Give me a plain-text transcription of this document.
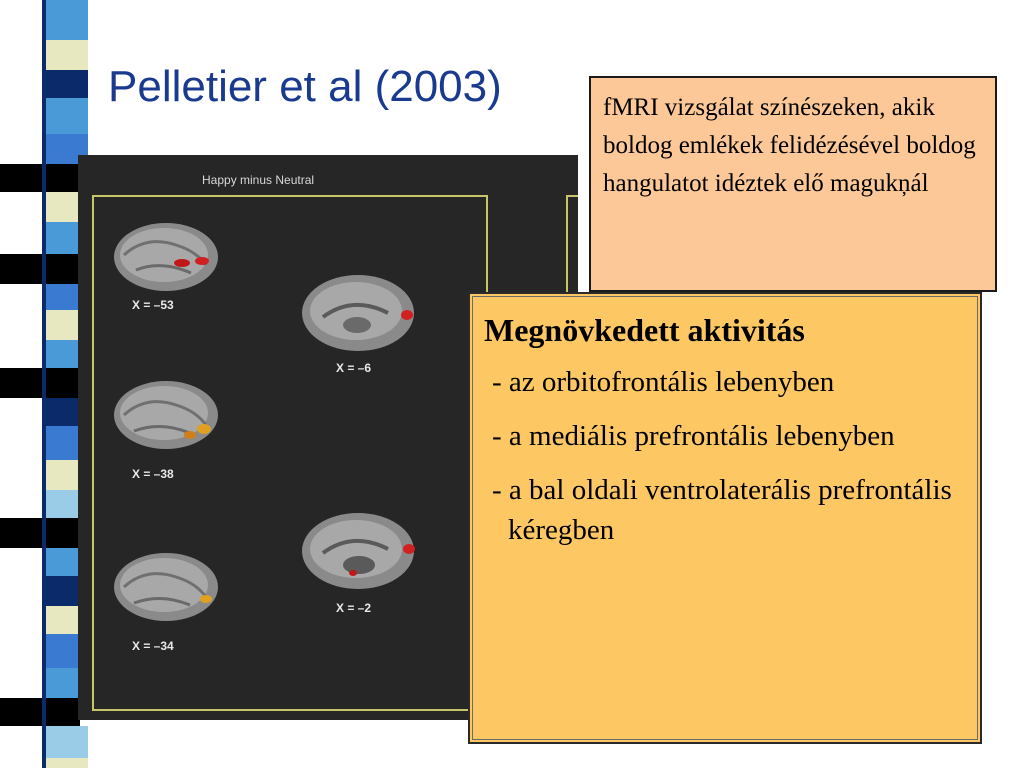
Pelletier et al (2003)
Happy minus Neutral
X = –53
X = –6
X = –38
X = –2
X = –34
fMRI vizsgálat színészeken, akik boldog emlékek felidézésével boldog hangulatot idéztek elő magukņál
Megnövkedett aktivitás
- az orbitofrontális lebenyben
- a mediális prefrontális lebenyben
- a bal oldali ventrolaterális prefrontális kéregben
